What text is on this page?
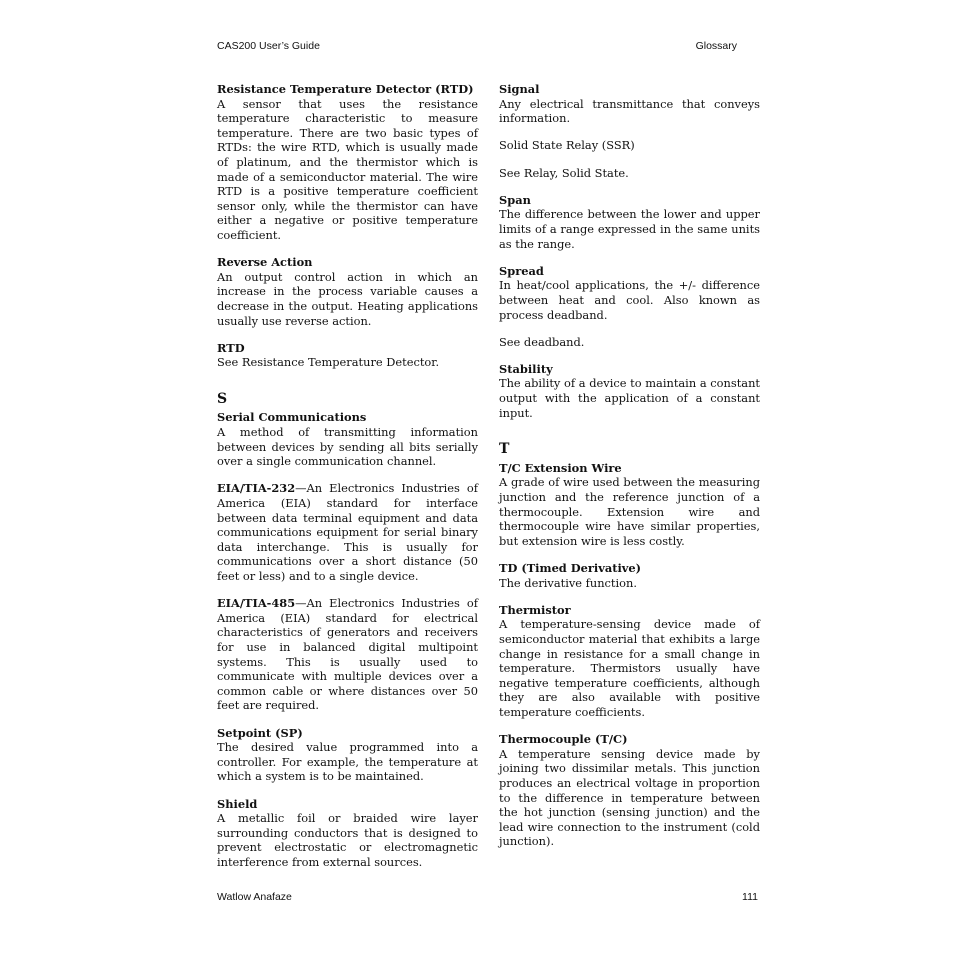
CAS200 User’s Guide	Glossary
Resistance Temperature Detector (RTD)
A sensor that uses the resistance temperature characteristic to measure temperature. There are two basic types of RTDs: the wire RTD, which is usually made of platinum, and the thermistor which is made of a semiconductor material. The wire RTD is a positive temperature coefficient sensor only, while the thermistor can have either a negative or positive temperature coefficient.
Reverse Action
An output control action in which an increase in the process variable causes a decrease in the output. Heating applications usually use reverse action.
RTD
See Resistance Temperature Detector.
S
Serial Communications
A method of transmitting information between devices by sending all bits serially over a single communication channel.
EIA/TIA-232—An Electronics Industries of America (EIA) standard for interface between data terminal equipment and data communications equipment for serial binary data interchange. This is usually for communications over a short distance (50 feet or less) and to a single device.
EIA/TIA-485—An Electronics Industries of America (EIA) standard for electrical characteristics of generators and receivers for use in balanced digital multipoint systems. This is usually used to communicate with multiple devices over a common cable or where distances over 50 feet are required.
Setpoint (SP)
The desired value programmed into a controller. For example, the temperature at which a system is to be maintained.
Shield
A metallic foil or braided wire layer surrounding conductors that is designed to prevent electrostatic or electromagnetic interference from external sources.
Signal
Any electrical transmittance that conveys information.
Solid State Relay (SSR)
See Relay, Solid State.
Span
The difference between the lower and upper limits of a range expressed in the same units as the range.
Spread
In heat/cool applications, the +/- difference between heat and cool. Also known as process deadband.
See deadband.
Stability
The ability of a device to maintain a constant output with the application of a constant input.
T
T/C Extension Wire
A grade of wire used between the measuring junction and the reference junction of a thermocouple. Extension wire and thermocouple wire have similar properties, but extension wire is less costly.
TD (Timed Derivative)
The derivative function.
Thermistor
A temperature-sensing device made of semiconductor material that exhibits a large change in resistance for a small change in temperature. Thermistors usually have negative temperature coefficients, although they are also available with positive temperature coefficients.
Thermocouple (T/C)
A temperature sensing device made by joining two dissimilar metals. This junction produces an electrical voltage in proportion to the difference in temperature between the hot junction (sensing junction) and the lead wire connection to the instrument (cold junction).
Watlow Anafaze	111
